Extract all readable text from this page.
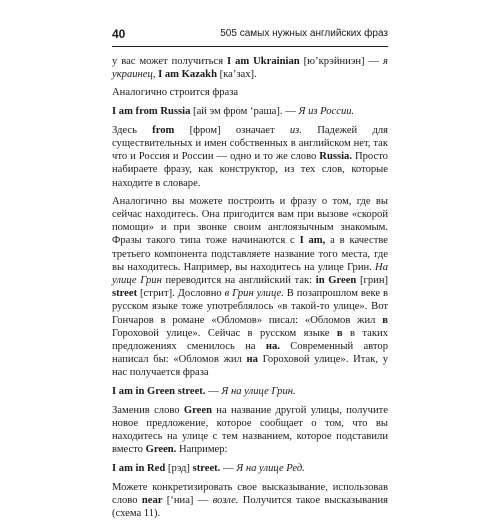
40	505 самых нужных английских фраз

у вас может получиться I am Ukrainian [ю’крэйниэн] — я украинец, I am Kazakh [ка’зах].

Аналогично строится фраза

I am from Russia [ай эм фром ‘раша]. — Я из России.

Здесь from [фром] означает из. Падежей для существительных и имен собственных в английском нет, так что и Россия и России — одно и то же слово Russia. Просто набираете фразу, как конструктор, из тех слов, которые находите в словаре.

Аналогично вы можете построить и фразу о том, где вы сейчас находитесь. Она пригодится вам при вызове «скорой помощи» и при звонке своим англоязычным знакомым. Фразы такого типа тоже начинаются с I am, а в качестве третьего компонента подставляете название того места, где вы находитесь. Например, вы находитесь на улице Грин. На улице Грин переводится на английский так: in Green [грин] street [стрит]. Дословно в Грин улице. В позапрошлом веке в русском языке тоже употреблялось «в такой-то улице». Вот Гончаров в романе «Обломов» писал: «Обломов жил в Гороховой улице». Сейчас в русском языке в в таких предложениях сменилось на на. Современный автор написал бы: «Обломов жил на Гороховой улице». Итак, у нас получается фраза

I am in Green street. — Я на улице Грин.

Заменив слово Green на название другой улицы, получите новое предложение, которое сообщает о том, что вы находитесь на улице с тем названием, которое подставили вместо Green. Например:

I am in Red [рэд] street. — Я на улице Ред.

Можете конкретизировать свое высказывание, использовав слово near [‘ниа] — возле. Получится такое высказывания (схема 11).
